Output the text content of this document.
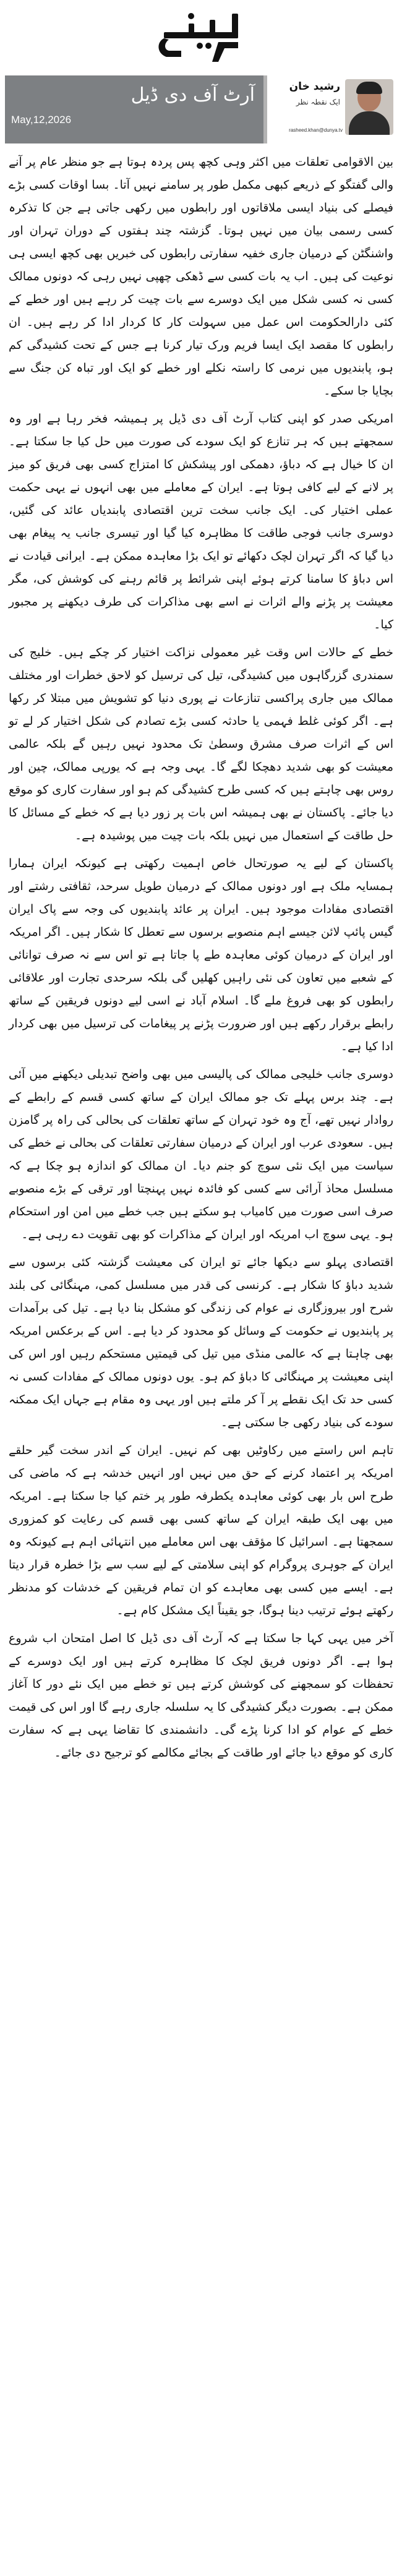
آرٹ آف دی ڈیل
May,12,2026
رشید خان
ایک نقطہ نظر
rasheed.khan@dunya.tv

بین الاقوامی تعلقات میں اکثر وہی کچھ پس پردہ ہوتا ہے جو منظر عام پر آنے والی گفتگو کے ذریعے کبھی مکمل طور پر سامنے نہیں آتا۔ بسا اوقات کسی بڑے فیصلے کی بنیاد ایسی ملاقاتوں اور رابطوں میں رکھی جاتی ہے جن کا تذکرہ کسی رسمی بیان میں نہیں ہوتا۔ گزشتہ چند ہفتوں کے دوران تہران اور واشنگٹن کے درمیان جاری خفیہ سفارتی رابطوں کی خبریں بھی کچھ ایسی ہی نوعیت کی ہیں۔ اب یہ بات کسی سے ڈھکی چھپی نہیں رہی کہ دونوں ممالک کسی نہ کسی شکل میں ایک دوسرے سے بات چیت کر رہے ہیں اور خطے کے کئی دارالحکومت اس عمل میں سہولت کار کا کردار ادا کر رہے ہیں۔ ان رابطوں کا مقصد ایک ایسا فریم ورک تیار کرنا ہے جس کے تحت کشیدگی کم ہو، پابندیوں میں نرمی کا راستہ نکلے اور خطے کو ایک اور تباہ کن جنگ سے بچایا جا سکے۔

امریکی صدر کو اپنی کتاب آرٹ آف دی ڈیل پر ہمیشہ فخر رہا ہے اور وہ سمجھتے ہیں کہ ہر تنازع کو ایک سودے کی صورت میں حل کیا جا سکتا ہے۔ ان کا خیال ہے کہ دباؤ، دھمکی اور پیشکش کا امتزاج کسی بھی فریق کو میز پر لانے کے لیے کافی ہوتا ہے۔ ایران کے معاملے میں بھی انہوں نے یہی حکمت عملی اختیار کی۔ ایک جانب سخت ترین اقتصادی پابندیاں عائد کی گئیں، دوسری جانب فوجی طاقت کا مظاہرہ کیا گیا اور تیسری جانب یہ پیغام بھی دیا گیا کہ اگر تہران لچک دکھائے تو ایک بڑا معاہدہ ممکن ہے۔ ایرانی قیادت نے اس دباؤ کا سامنا کرتے ہوئے اپنی شرائط پر قائم رہنے کی کوشش کی، مگر معیشت پر پڑنے والے اثرات نے اسے بھی مذاکرات کی طرف دیکھنے پر مجبور کیا۔

خطے کے حالات اس وقت غیر معمولی نزاکت اختیار کر چکے ہیں۔ خلیج کی سمندری گزرگاہوں میں کشیدگی، تیل کی ترسیل کو لاحق خطرات اور مختلف ممالک میں جاری پراکسی تنازعات نے پوری دنیا کو تشویش میں مبتلا کر رکھا ہے۔ اگر کوئی غلط فہمی یا حادثہ کسی بڑے تصادم کی شکل اختیار کر لے تو اس کے اثرات صرف مشرق وسطیٰ تک محدود نہیں رہیں گے بلکہ عالمی معیشت کو بھی شدید دھچکا لگے گا۔ یہی وجہ ہے کہ یورپی ممالک، چین اور روس بھی چاہتے ہیں کہ کسی طرح کشیدگی کم ہو اور سفارت کاری کو موقع دیا جائے۔ پاکستان نے بھی ہمیشہ اس بات پر زور دیا ہے کہ خطے کے مسائل کا حل طاقت کے استعمال میں نہیں بلکہ بات چیت میں پوشیدہ ہے۔

پاکستان کے لیے یہ صورتحال خاص اہمیت رکھتی ہے کیونکہ ایران ہمارا ہمسایہ ملک ہے اور دونوں ممالک کے درمیان طویل سرحد، ثقافتی رشتے اور اقتصادی مفادات موجود ہیں۔ ایران پر عائد پابندیوں کی وجہ سے پاک ایران گیس پائپ لائن جیسے اہم منصوبے برسوں سے تعطل کا شکار ہیں۔ اگر امریکہ اور ایران کے درمیان کوئی معاہدہ طے پا جاتا ہے تو اس سے نہ صرف توانائی کے شعبے میں تعاون کی نئی راہیں کھلیں گی بلکہ سرحدی تجارت اور علاقائی رابطوں کو بھی فروغ ملے گا۔ اسلام آباد نے اسی لیے دونوں فریقین کے ساتھ رابطے برقرار رکھے ہیں اور ضرورت پڑنے پر پیغامات کی ترسیل میں بھی کردار ادا کیا ہے۔

دوسری جانب خلیجی ممالک کی پالیسی میں بھی واضح تبدیلی دیکھنے میں آئی ہے۔ چند برس پہلے تک جو ممالک ایران کے ساتھ کسی قسم کے رابطے کے روادار نہیں تھے، آج وہ خود تہران کے ساتھ تعلقات کی بحالی کی راہ پر گامزن ہیں۔ سعودی عرب اور ایران کے درمیان سفارتی تعلقات کی بحالی نے خطے کی سیاست میں ایک نئی سوچ کو جنم دیا۔ ان ممالک کو اندازہ ہو چکا ہے کہ مسلسل محاذ آرائی سے کسی کو فائدہ نہیں پہنچتا اور ترقی کے بڑے منصوبے صرف اسی صورت میں کامیاب ہو سکتے ہیں جب خطے میں امن اور استحکام ہو۔ یہی سوچ اب امریکہ اور ایران کے مذاکرات کو بھی تقویت دے رہی ہے۔

اقتصادی پہلو سے دیکھا جائے تو ایران کی معیشت گزشتہ کئی برسوں سے شدید دباؤ کا شکار ہے۔ کرنسی کی قدر میں مسلسل کمی، مہنگائی کی بلند شرح اور بیروزگاری نے عوام کی زندگی کو مشکل بنا دیا ہے۔ تیل کی برآمدات پر پابندیوں نے حکومت کے وسائل کو محدود کر دیا ہے۔ اس کے برعکس امریکہ بھی چاہتا ہے کہ عالمی منڈی میں تیل کی قیمتیں مستحکم رہیں اور اس کی اپنی معیشت پر مہنگائی کا دباؤ کم ہو۔ یوں دونوں ممالک کے مفادات کسی نہ کسی حد تک ایک نقطے پر آ کر ملتے ہیں اور یہی وہ مقام ہے جہاں ایک ممکنہ سودے کی بنیاد رکھی جا سکتی ہے۔

تاہم اس راستے میں رکاوٹیں بھی کم نہیں۔ ایران کے اندر سخت گیر حلقے امریکہ پر اعتماد کرنے کے حق میں نہیں اور انہیں خدشہ ہے کہ ماضی کی طرح اس بار بھی کوئی معاہدہ یکطرفہ طور پر ختم کیا جا سکتا ہے۔ امریکہ میں بھی ایک طبقہ ایران کے ساتھ کسی بھی قسم کی رعایت کو کمزوری سمجھتا ہے۔ اسرائیل کا مؤقف بھی اس معاملے میں انتہائی اہم ہے کیونکہ وہ ایران کے جوہری پروگرام کو اپنی سلامتی کے لیے سب سے بڑا خطرہ قرار دیتا ہے۔ ایسے میں کسی بھی معاہدے کو ان تمام فریقین کے خدشات کو مدنظر رکھتے ہوئے ترتیب دینا ہوگا، جو یقیناً ایک مشکل کام ہے۔

آخر میں یہی کہا جا سکتا ہے کہ آرٹ آف دی ڈیل کا اصل امتحان اب شروع ہوا ہے۔ اگر دونوں فریق لچک کا مظاہرہ کرتے ہیں اور ایک دوسرے کے تحفظات کو سمجھنے کی کوشش کرتے ہیں تو خطے میں ایک نئے دور کا آغاز ممکن ہے۔ بصورت دیگر کشیدگی کا یہ سلسلہ جاری رہے گا اور اس کی قیمت خطے کے عوام کو ادا کرنا پڑے گی۔ دانشمندی کا تقاضا یہی ہے کہ سفارت کاری کو موقع دیا جائے اور طاقت کے بجائے مکالمے کو ترجیح دی جائے۔
